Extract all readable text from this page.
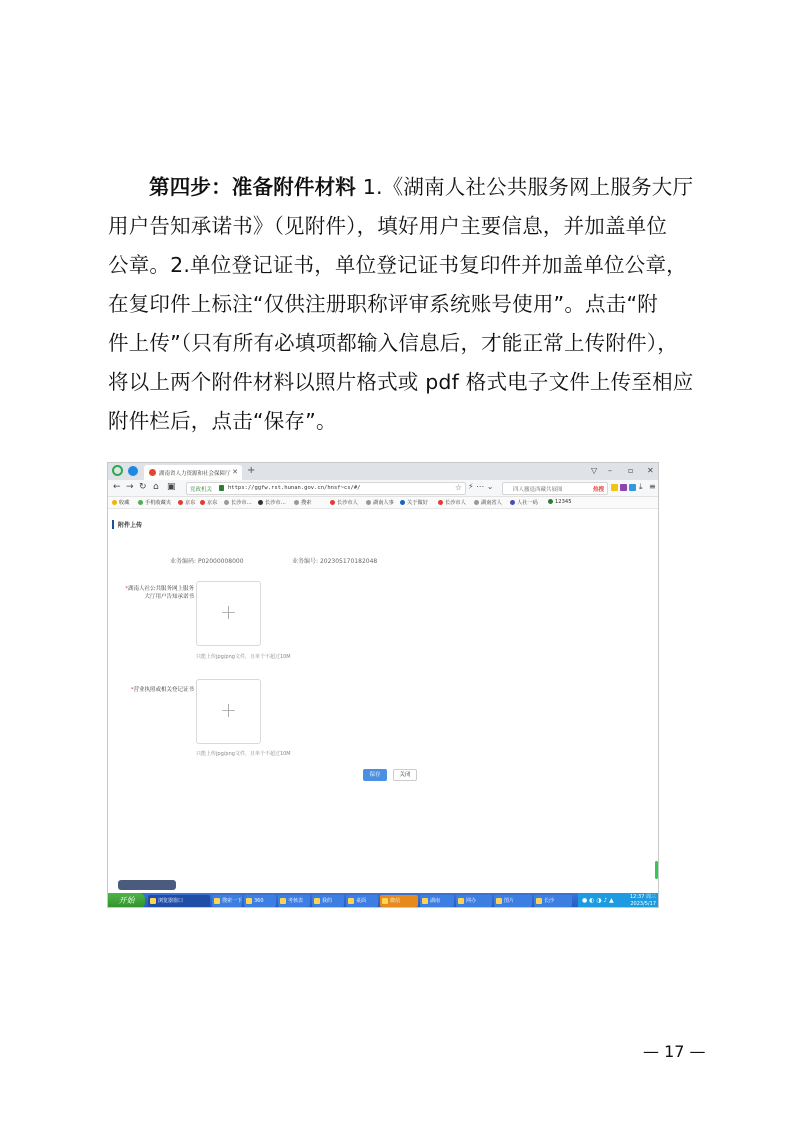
第四步：准备附件材料 1.《湖南人社公共服务网上服务大厅
用户告知承诺书》（见附件），填好用户主要信息，并加盖单位
公章。2.单位登记证书，单位登记证书复印件并加盖单位公章，
在复印件上标注“仅供注册职称评审系统账号使用”。点击“附
件上传”（只有所有必填项都输入信息后，才能正常上传附件），
将以上两个附件材料以照片格式或 pdf 格式电子文件上传至相应
附件栏后，点击“保存”。
湖南省人力资源和社会保障厅 ✕ +	▽ – ▫ ✕
← → ↻ ⌂ ▣	党政机关	https://ggfw.rst.hunan.gov.cn/hnsf~cs/#/	☆ ⚡ ⋯ ⌄	四人撤退西藏共展图	热搜	⤓ ≡
收藏	手机收藏夹	京东	京东	长沙市…	长沙市…	搜索	长沙市人	湖南人事	关于做好	长沙市人	湖南省人	人社一码	12345
附件上传
业务编码: P02000008000	业务编号: 202305170182048
*湖南人社公共服务网上服务大厅用户告知承诺书
+
只能上传jpg/png文件，且单个不超过10M
*营业执照或相关登记证书
+
只能上传jpg/png文件，且单个不超过10M
保存	关闭
开始	浏览器窗口	搜索一下	360	考核表	我的	桌面	微信	湖南	网办	图片	长沙	● ◐ ◑ ♪ ▲	12:37 周三
2023/5/17
— 17 —
